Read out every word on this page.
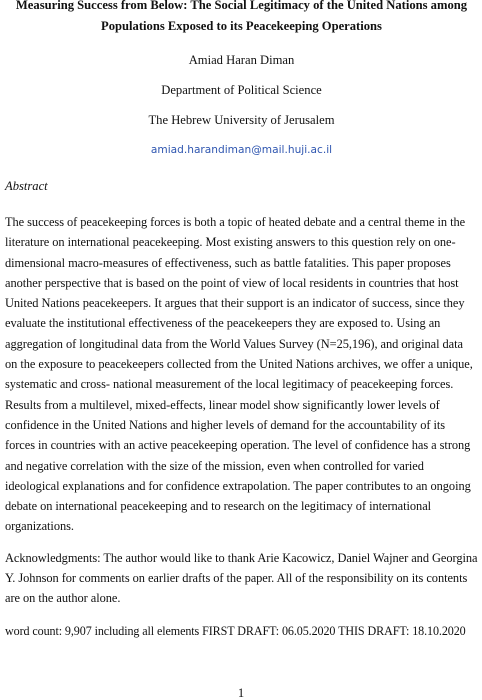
Measuring Success from Below: The Social Legitimacy of the United Nations among
Populations Exposed to its Peacekeeping Operations

Amiad Haran Diman

Department of Political Science

The Hebrew University of Jerusalem

amiad.harandiman@mail.huji.ac.il

Abstract

The success of peacekeeping forces is both a topic of heated debate and a central theme in the literature on international peacekeeping. Most existing answers to this question rely on one-dimensional macro-measures of effectiveness, such as battle fatalities. This paper proposes another perspective that is based on the point of view of local residents in countries that host United Nations peacekeepers. It argues that their support is an indicator of success, since they evaluate the institutional effectiveness of the peacekeepers they are exposed to. Using an aggregation of longitudinal data from the World Values Survey (N=25,196), and original data on the exposure to peacekeepers collected from the United Nations archives, we offer a unique, systematic and cross- national measurement of the local legitimacy of peacekeeping forces. Results from a multilevel, mixed-effects, linear model show significantly lower levels of confidence in the United Nations and higher levels of demand for the accountability of its forces in countries with an active peacekeeping operation. The level of confidence has a strong and negative correlation with the size of the mission, even when controlled for varied ideological explanations and for confidence extrapolation. The paper contributes to an ongoing debate on international peacekeeping and to research on the legitimacy of international organizations.

Acknowledgments: The author would like to thank Arie Kacowicz, Daniel Wajner and Georgina Y. Johnson for comments on earlier drafts of the paper. All of the responsibility on its contents are on the author alone.

word count: 9,907 including all elements FIRST DRAFT: 06.05.2020 THIS DRAFT: 18.10.2020

1
